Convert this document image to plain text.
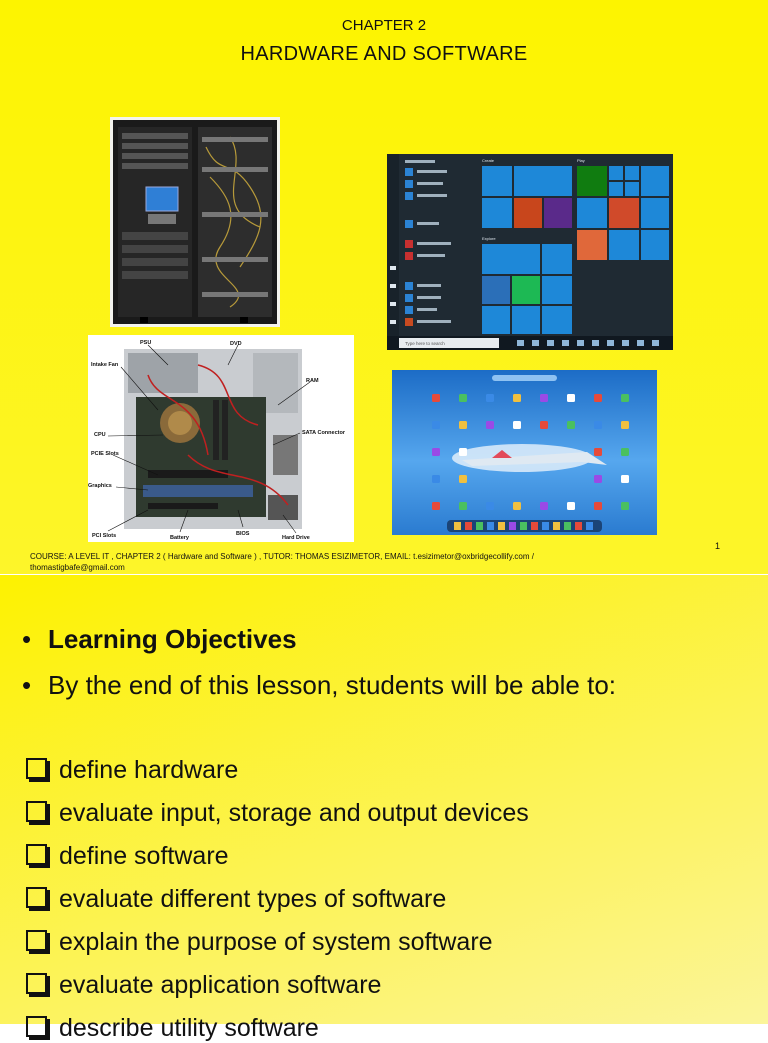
CHAPTER 2
HARDWARE AND SOFTWARE
Create	Play
Explore
Type here to search
PSU	DVD
Intake Fan
RAM
CPU	SATA Connector
PCIE Slots
Graphics
PCI Slots	Battery
BIOS
Hard Drive
COURSE: A LEVEL IT , CHAPTER 2 ( Hardware and Software ) , TUTOR: THOMAS ESIZIMETOR, EMAIL: t.esizimetor@oxbridgecollify.com / thomastigbafe@gmail.com
1
• Learning Objectives
• By the end of this lesson, students will be able to:
define hardware
evaluate input, storage and output devices
define software
evaluate different types of software
explain the purpose of system software
evaluate application software
describe utility software
